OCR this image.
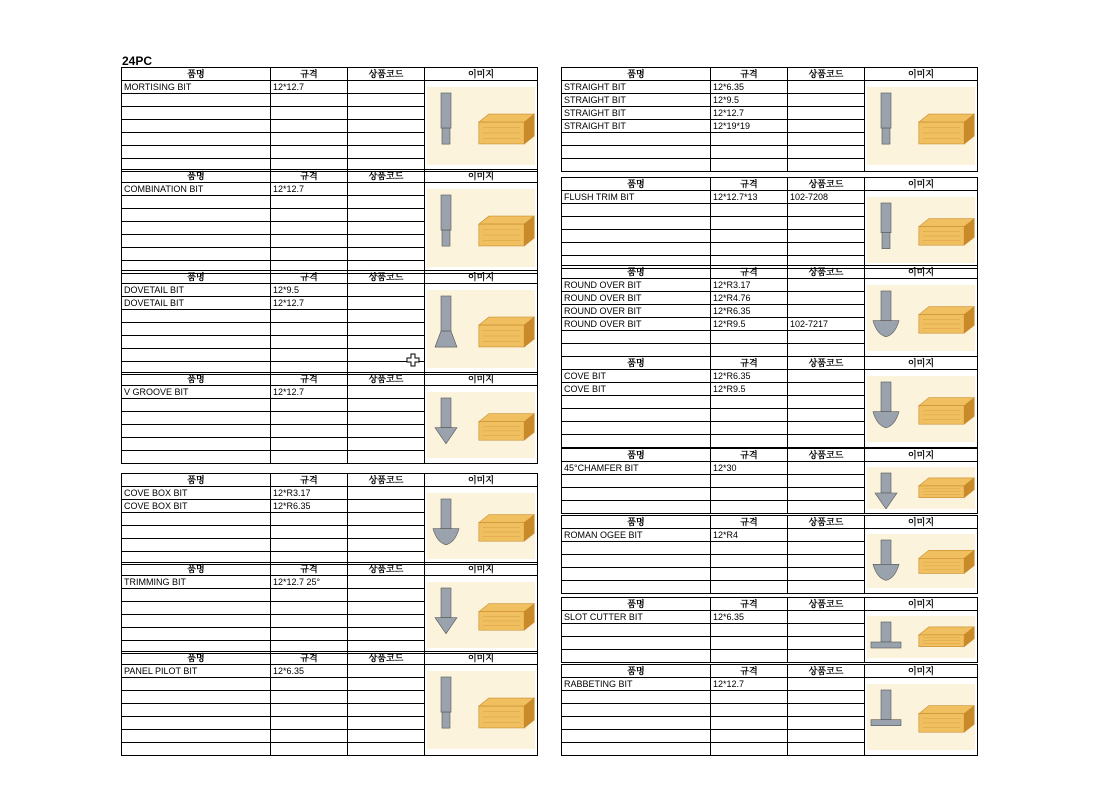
24PC
품명	규격	상품코드	이미지
MORTISING BIT	12*12.7		

품명	규격	상품코드	이미지
COMBINATION BIT	12*12.7		

품명	규격	상품코드	이미지
DOVETAIL BIT	12*9.5		

DOVETAIL BIT	12*12.7		

품명	규격	상품코드	이미지
V GROOVE BIT	12*12.7		

품명	규격	상품코드	이미지
COVE BOX BIT	12*R3.17		

COVE BOX BIT	12*R6.35		

품명	규격	상품코드	이미지
TRIMMING BIT	12*12.7 25°		

품명	규격	상품코드	이미지
PANEL PILOT BIT	12*6.35		

품명	규격	상품코드	이미지
STRAIGHT BIT	12*6.35		

STRAIGHT BIT	12*9.5		
STRAIGHT BIT	12*12.7		
STRAIGHT BIT	12*19*19		

품명	규격	상품코드	이미지
FLUSH TRIM BIT	12*12.7*13	102-7208	

품명	규격	상품코드	이미지
ROUND OVER BIT	12*R3.17		

ROUND OVER BIT	12*R4.76		
ROUND OVER BIT	12*R6.35		
ROUND OVER BIT	12*R9.5	102-7217	

품명	규격	상품코드	이미지
COVE BIT	12*R6.35		

COVE BIT	12*R9.5		

품명	규격	상품코드	이미지
45°CHAMFER BIT	12*30		

품명	규격	상품코드	이미지
ROMAN OGEE BIT	12*R4		

품명	규격	상품코드	이미지
SLOT CUTTER BIT	12*6.35		

품명	규격	상품코드	이미지
RABBETING BIT	12*12.7		
